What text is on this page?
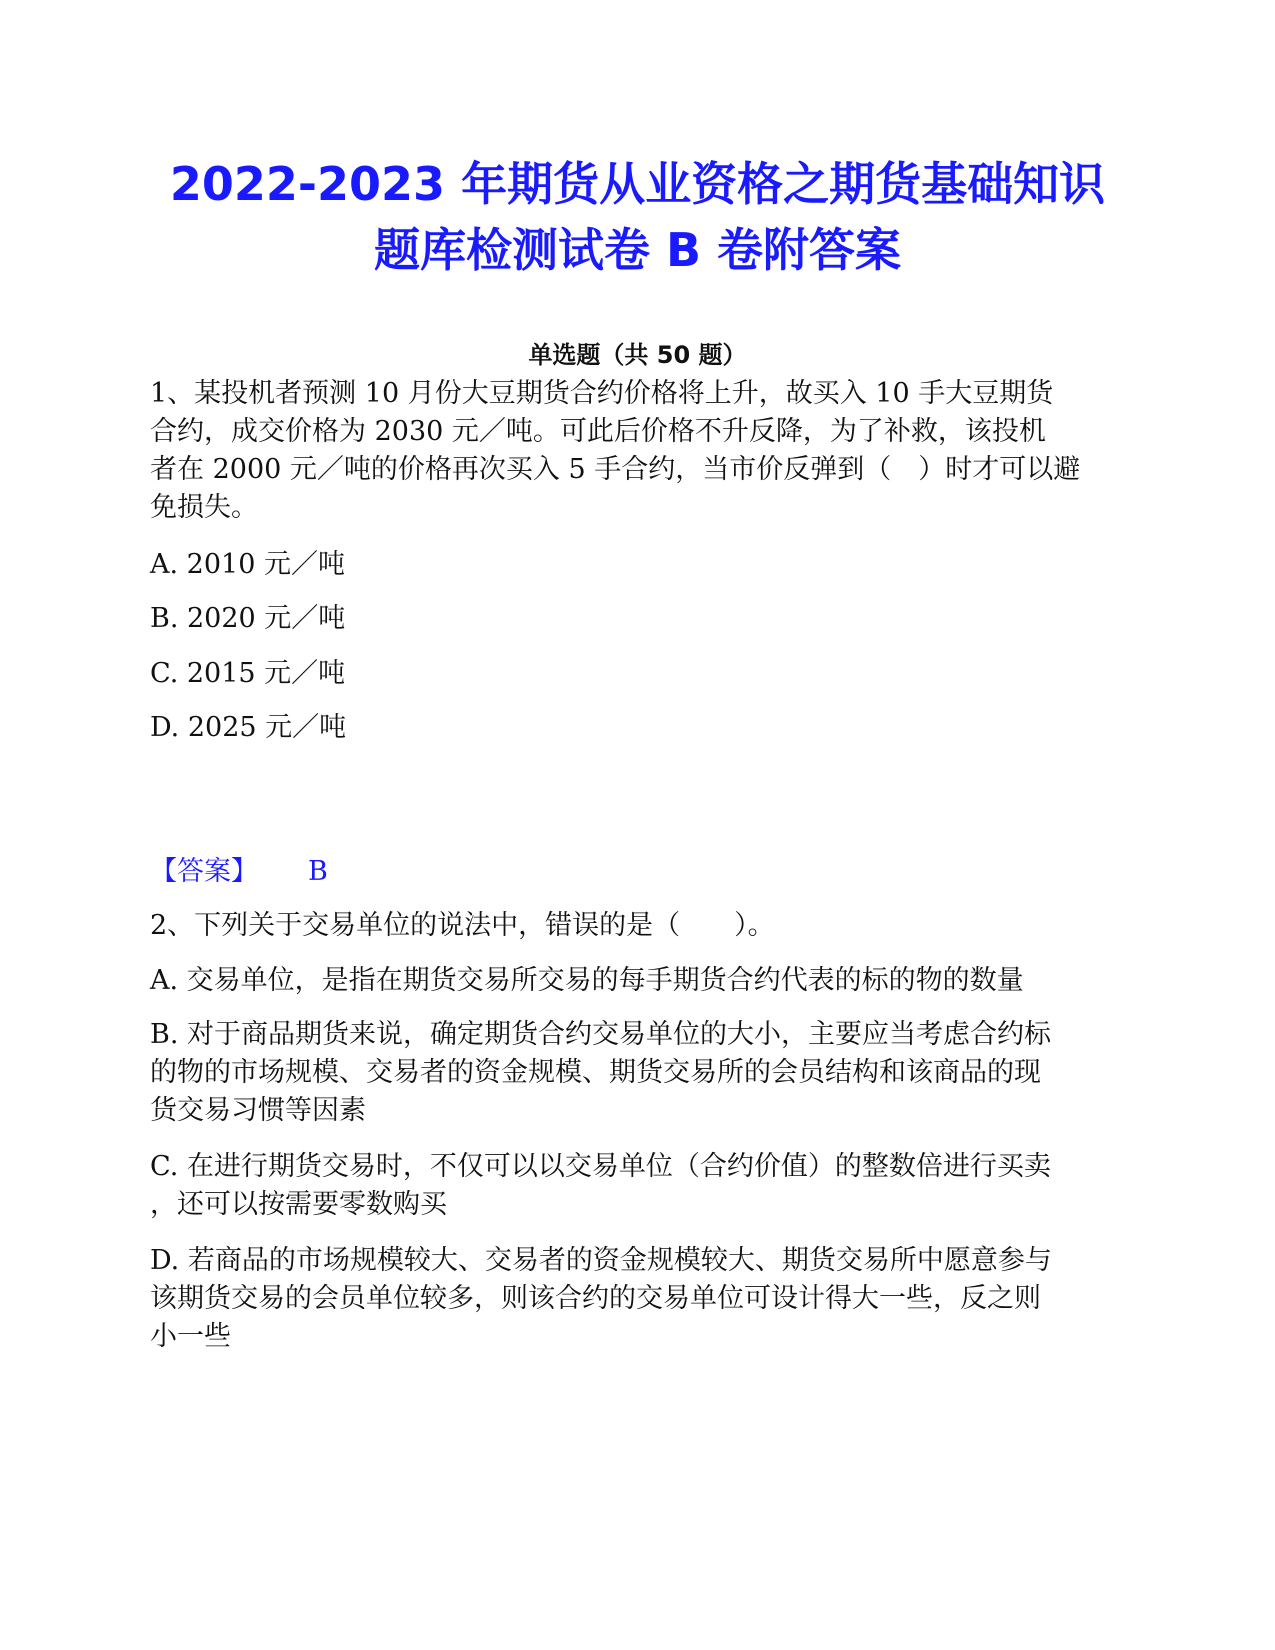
2022-2023 年期货从业资格之期货基础知识
题库检测试卷 B 卷附答案
单选题（共 50 题）
1、某投机者预测 10 月份大豆期货合约价格将上升，故买入 10 手大豆期货
合约，成交价格为 2030 元／吨。可此后价格不升反降，为了补救，该投机
者在 2000 元／吨的价格再次买入 5 手合约，当市价反弹到（　）时才可以避
免损失。
A. 2010 元／吨
B. 2020 元／吨
C. 2015 元／吨
D. 2025 元／吨
【答案】 B
2、下列关于交易单位的说法中，错误的是（　　）。
A. 交易单位，是指在期货交易所交易的每手期货合约代表的标的物的数量
B. 对于商品期货来说，确定期货合约交易单位的大小，主要应当考虑合约标
的物的市场规模、交易者的资金规模、期货交易所的会员结构和该商品的现
货交易习惯等因素
C. 在进行期货交易时，不仅可以以交易单位（合约价值）的整数倍进行买卖
，还可以按需要零数购买
D. 若商品的市场规模较大、交易者的资金规模较大、期货交易所中愿意参与
该期货交易的会员单位较多，则该合约的交易单位可设计得大一些，反之则
小一些
